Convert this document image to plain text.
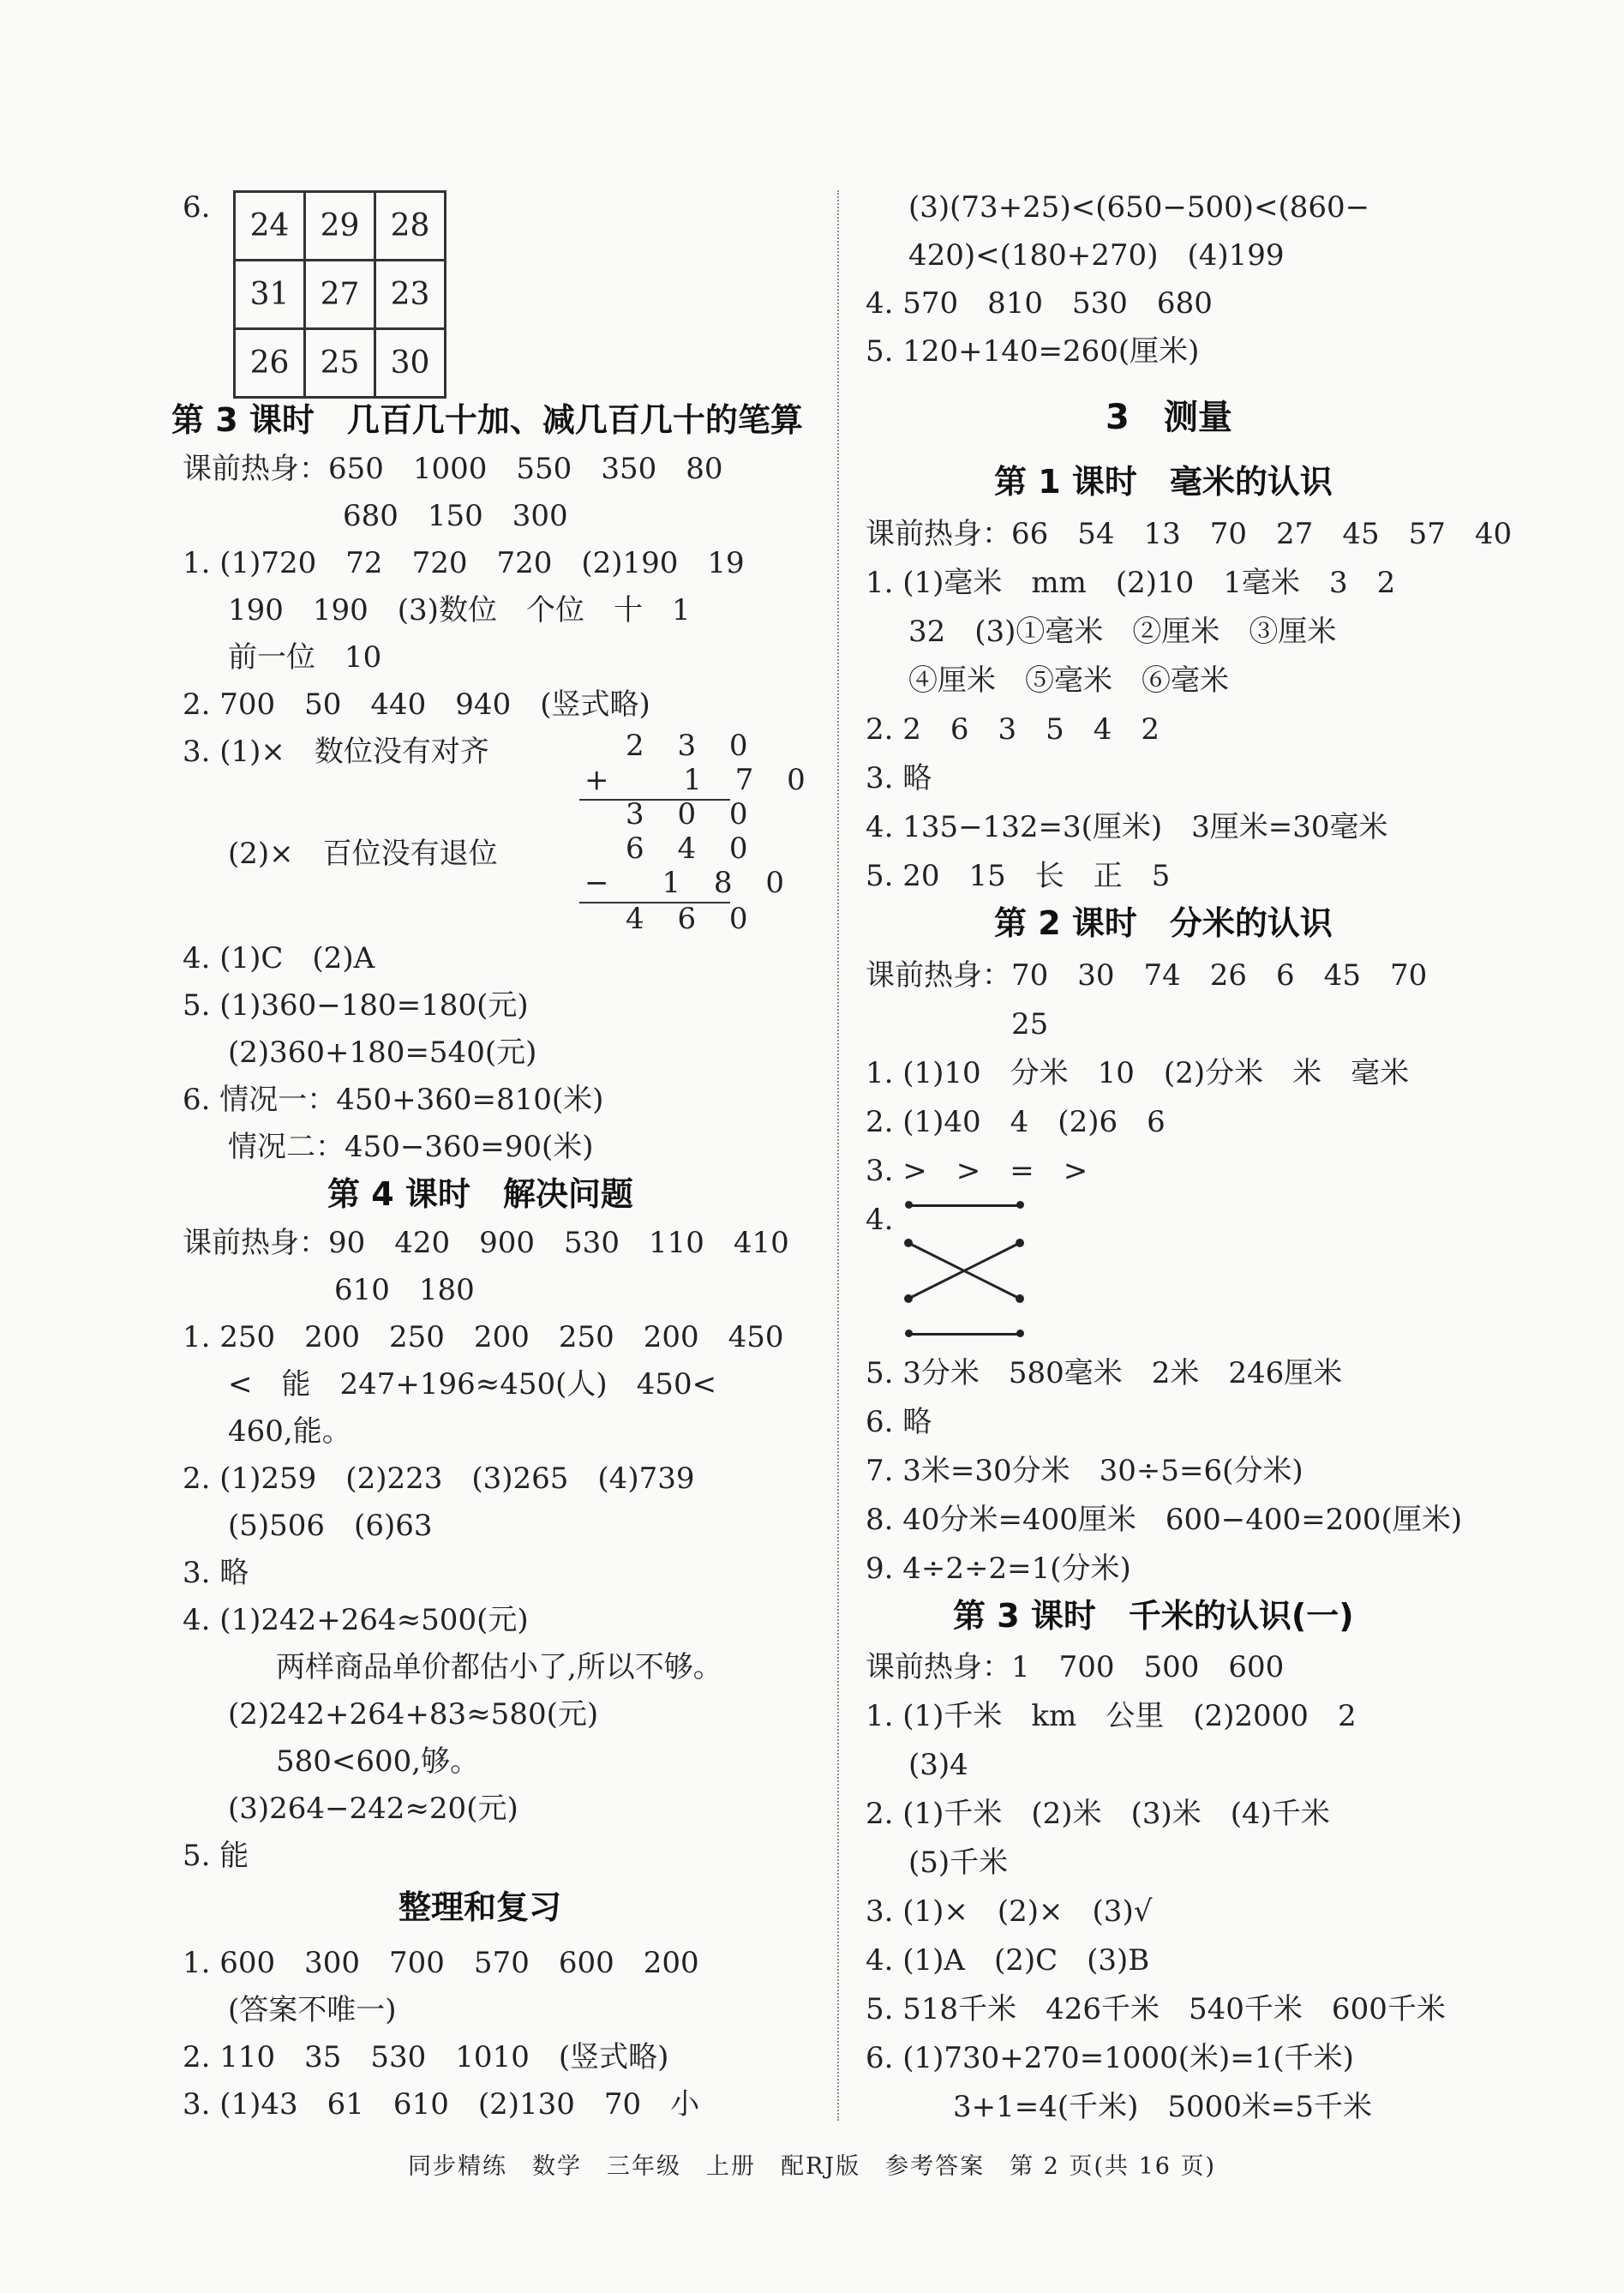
6.
24	29	28
31	27	23
26	25	30
第 3 课时　几百几十加、减几百几十的笔算
课前热身：650　1000　550　350　80
680　150　300
1. (1)720　72　720　720　(2)190　19
190　190　(3)数位　个位　十　1
前一位　10
2. 700　50　440　940　(竖式略)
3. (1)×　数位没有对齐
(2)×　百位没有退位
2 3 0
+　 1 7 0
3 0 0
6 4 0
−　1 8 0
4 6 0
4. (1)C　(2)A
5. (1)360−180=180(元)
(2)360+180=540(元)
6. 情况一：450+360=810(米)
情况二：450−360=90(米)
第 4 课时　解决问题
课前热身：90　420　900　530　110　410
610　180
1. 250　200　250　200　250　200　450
<　能　247+196≈450(人)　450<
460,能。
2. (1)259　(2)223　(3)265　(4)739
(5)506　(6)63
3. 略
4. (1)242+264≈500(元)
两样商品单价都估小了,所以不够。
(2)242+264+83≈580(元)
580<600,够。
(3)264−242≈20(元)
5. 能
整理和复习
1. 600　300　700　570　600　200
(答案不唯一)
2. 110　35　530　1010　(竖式略)
3. (1)43　61　610　(2)130　70　小
(3)(73+25)<(650−500)<(860−
420)<(180+270)　(4)199
4. 570　810　530　680
5. 120+140=260(厘米)
3　测量
第 1 课时　毫米的认识
课前热身：66　54　13　70　27　45　57　40
1. (1)毫米　mm　(2)10　1毫米　3　2
32　(3)①毫米　②厘米　③厘米
④厘米　⑤毫米　⑥毫米
2. 2　6　3　5　4　2
3. 略
4. 135−132=3(厘米)　3厘米=30毫米
5. 20　15　长　正　5
第 2 课时　分米的认识
课前热身：70　30　74　26　6　45　70
25
1. (1)10　分米　10　(2)分米　米　毫米
2. (1)40　4　(2)6　6
3. >　>　=　>
4.
5. 3分米　580毫米　2米　246厘米
6. 略
7. 3米=30分米　30÷5=6(分米)
8. 40分米=400厘米　600−400=200(厘米)
9. 4÷2÷2=1(分米)
第 3 课时　千米的认识(一)
课前热身：1　700　500　600
1. (1)千米　km　公里　(2)2000　2
(3)4
2. (1)千米　(2)米　(3)米　(4)千米
(5)千米
3. (1)×　(2)×　(3)√
4. (1)A　(2)C　(3)B
5. 518千米　426千米　540千米　600千米
6. (1)730+270=1000(米)=1(千米)
3+1=4(千米)　5000米=5千米
同步精练　数学　三年级　上册　配RJ版　参考答案　第 2 页(共 16 页)
